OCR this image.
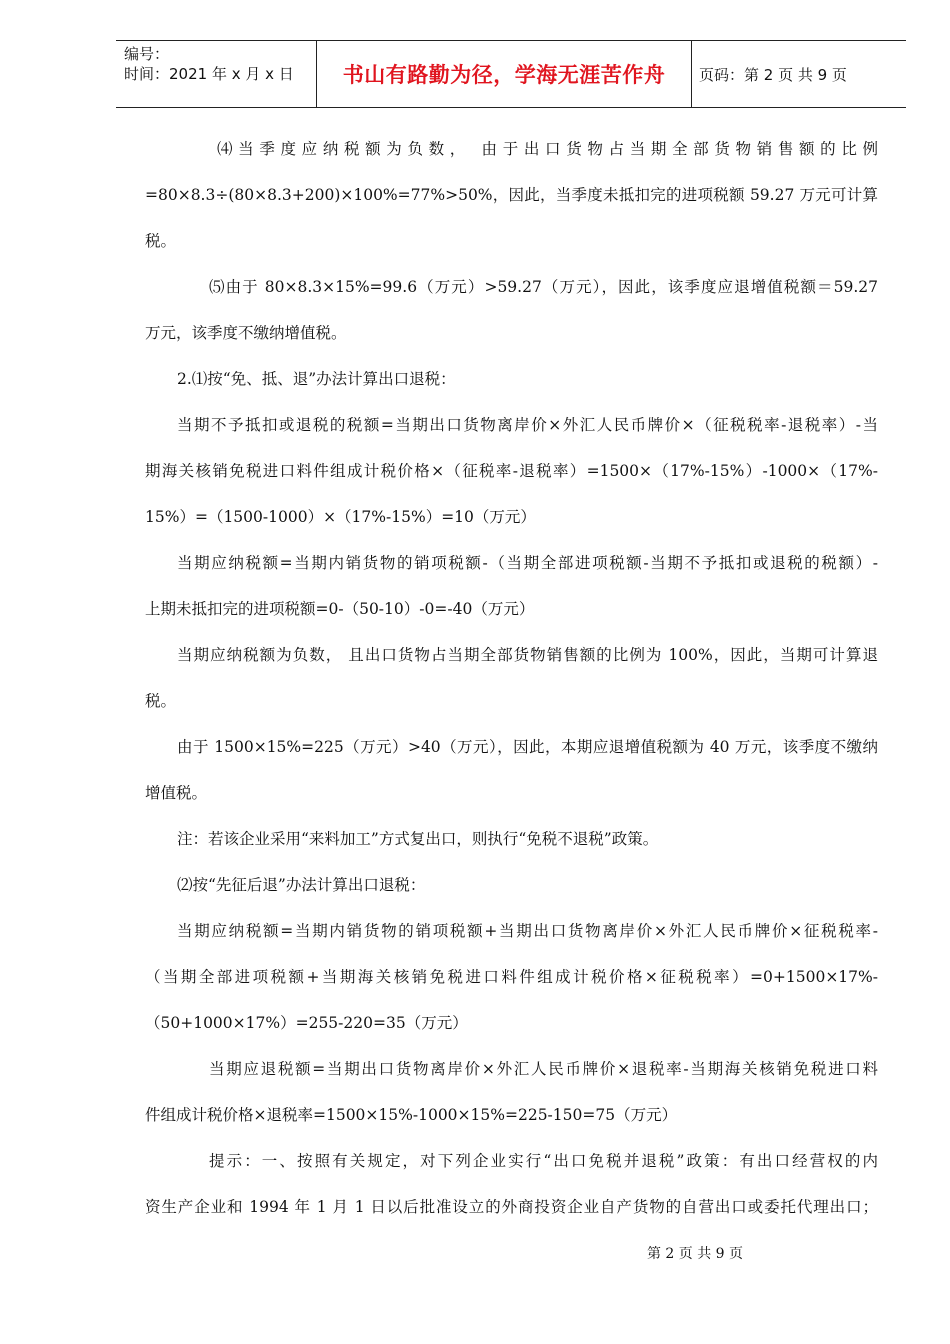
编号：
时间：2021 年 x 月 x 日	书山有路勤为径，学海无涯苦作舟	页码：第 2 页 共 9 页
⑷当季度应纳税额为负数， 由于出口货物占当期全部货物销售额的比例
=80×8.3÷(80×8.3+200)×100%=77%>50%，因此，当季度未抵扣完的进项税额 59.27 万元可计算
税。
⑸由于 80×8.3×15%=99.6（万元）>59.27（万元），因此，该季度应退增值税额＝59.27
万元，该季度不缴纳增值税。
2.⑴按“免、抵、退”办法计算出口退税：
当期不予抵扣或退税的税额=当期出口货物离岸价×外汇人民币牌价×（征税税率-退税率）-当
期海关核销免税进口料件组成计税价格×（征税率-退税率）=1500×（17%-15%）-1000×（17%-
15%）=（1500-1000）×（17%-15%）=10（万元）
当期应纳税额=当期内销货物的销项税额-（当期全部进项税额-当期不予抵扣或退税的税额）-
上期未抵扣完的进项税额=0-（50-10）-0=-40（万元）
当期应纳税额为负数， 且出口货物占当期全部货物销售额的比例为 100%，因此，当期可计算退
税。
由于 1500×15%=225（万元）>40（万元），因此，本期应退增值税额为 40 万元，该季度不缴纳
增值税。
注：若该企业采用“来料加工”方式复出口，则执行“免税不退税”政策。
⑵按“先征后退”办法计算出口退税：
当期应纳税额=当期内销货物的销项税额+当期出口货物离岸价×外汇人民币牌价×征税税率-
（当期全部进项税额+当期海关核销免税进口料件组成计税价格×征税税率）=0+1500×17%-
（50+1000×17%）=255-220=35（万元）
当期应退税额=当期出口货物离岸价×外汇人民币牌价×退税率-当期海关核销免税进口料
件组成计税价格×退税率=1500×15%-1000×15%=225-150=75（万元）
提示：一、按照有关规定，对下列企业实行“出口免税并退税”政策：有出口经营权的内
资生产企业和 1994 年 1 月 1 日以后批准设立的外商投资企业自产货物的自营出口或委托代理出口；
第 2 页 共 9 页
